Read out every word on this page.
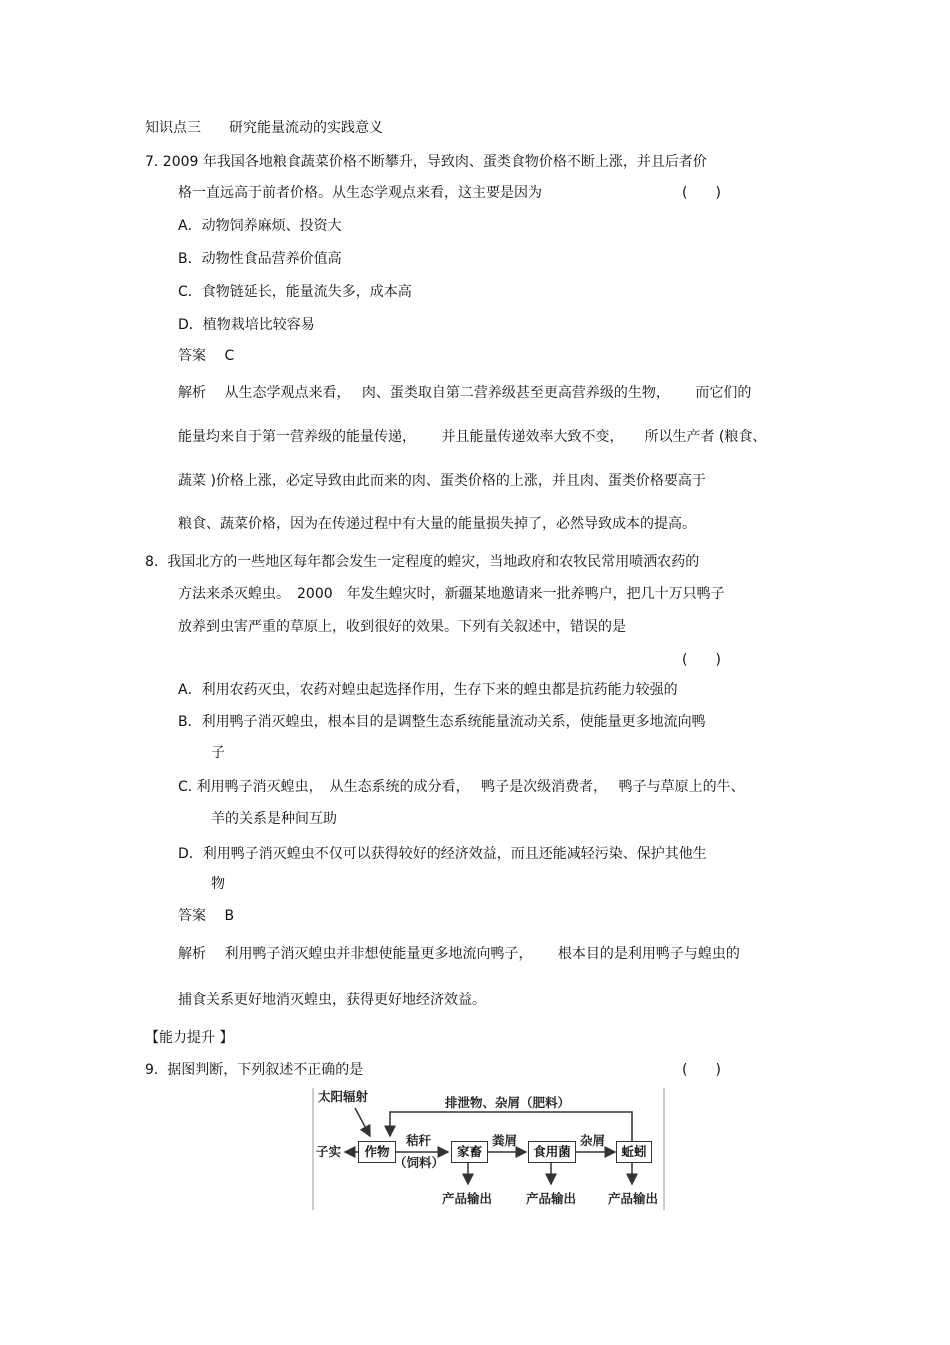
知识点三　　研究能量流动的实践意义
7. 2009 年我国各地粮食蔬菜价格不断攀升，导致肉、蛋类食物价格不断上涨，并且后者价
格一直远高于前者价格。从生态学观点来看，这主要是因为	(　　)
A．动物饲养麻烦、投资大
B．动物性食品营养价值高
C．食物链延长，能量流失多，成本高
D．植物栽培比较容易
答案　 C
解析　 从生态学观点来看，　 肉、蛋类取自第二营养级甚至更高营养级的生物，　　 而它们的
能量均来自于第一营养级的能量传递，　　 并且能量传递效率大致不变，　　所以生产者 (粮食、
蔬菜 )价格上涨，必定导致由此而来的肉、蛋类价格的上涨，并且肉、蛋类价格要高于
粮食、蔬菜价格，因为在传递过程中有大量的能量损失掉了，必然导致成本的提高。
8.  我国北方的一些地区每年都会发生一定程度的蝗灾，当地政府和农牧民常用喷洒农药的
方法来杀灭蝗虫。　2000　年发生蝗灾时，新疆某地邀请来一批养鸭户，把几十万只鸭子
放养到虫害严重的草原上，收到很好的效果。下列有关叙述中，错误的是
(　　)
A．利用农药灭虫，农药对蝗虫起选择作用，生存下来的蝗虫都是抗药能力较强的
B．利用鸭子消灭蝗虫，根本目的是调整生态系统能量流动关系，使能量更多地流向鸭
子
C. 利用鸭子消灭蝗虫，　从生态系统的成分看，　 鸭子是次级消费者，　 鸭子与草原上的牛、
羊的关系是种间互助
D．利用鸭子消灭蝗虫不仅可以获得较好的经济效益，而且还能减轻污染、保护其他生
物
答案　 B
解析　 利用鸭子消灭蝗虫并非想使能量更多地流向鸭子，　　 根本目的是利用鸭子与蝗虫的
捕食关系更好地消灭蝗虫，获得更好地经济效益。
【能力提升 】
9.  据图判断，下列叙述不正确的是	(　　)
太阳辐射	排泄物、杂屑（肥料）
子实	作物
秸秆
（饲料）
家畜
粪屑
食用菌
杂屑
蚯蚓
产品输出	产品输出	产品输出
